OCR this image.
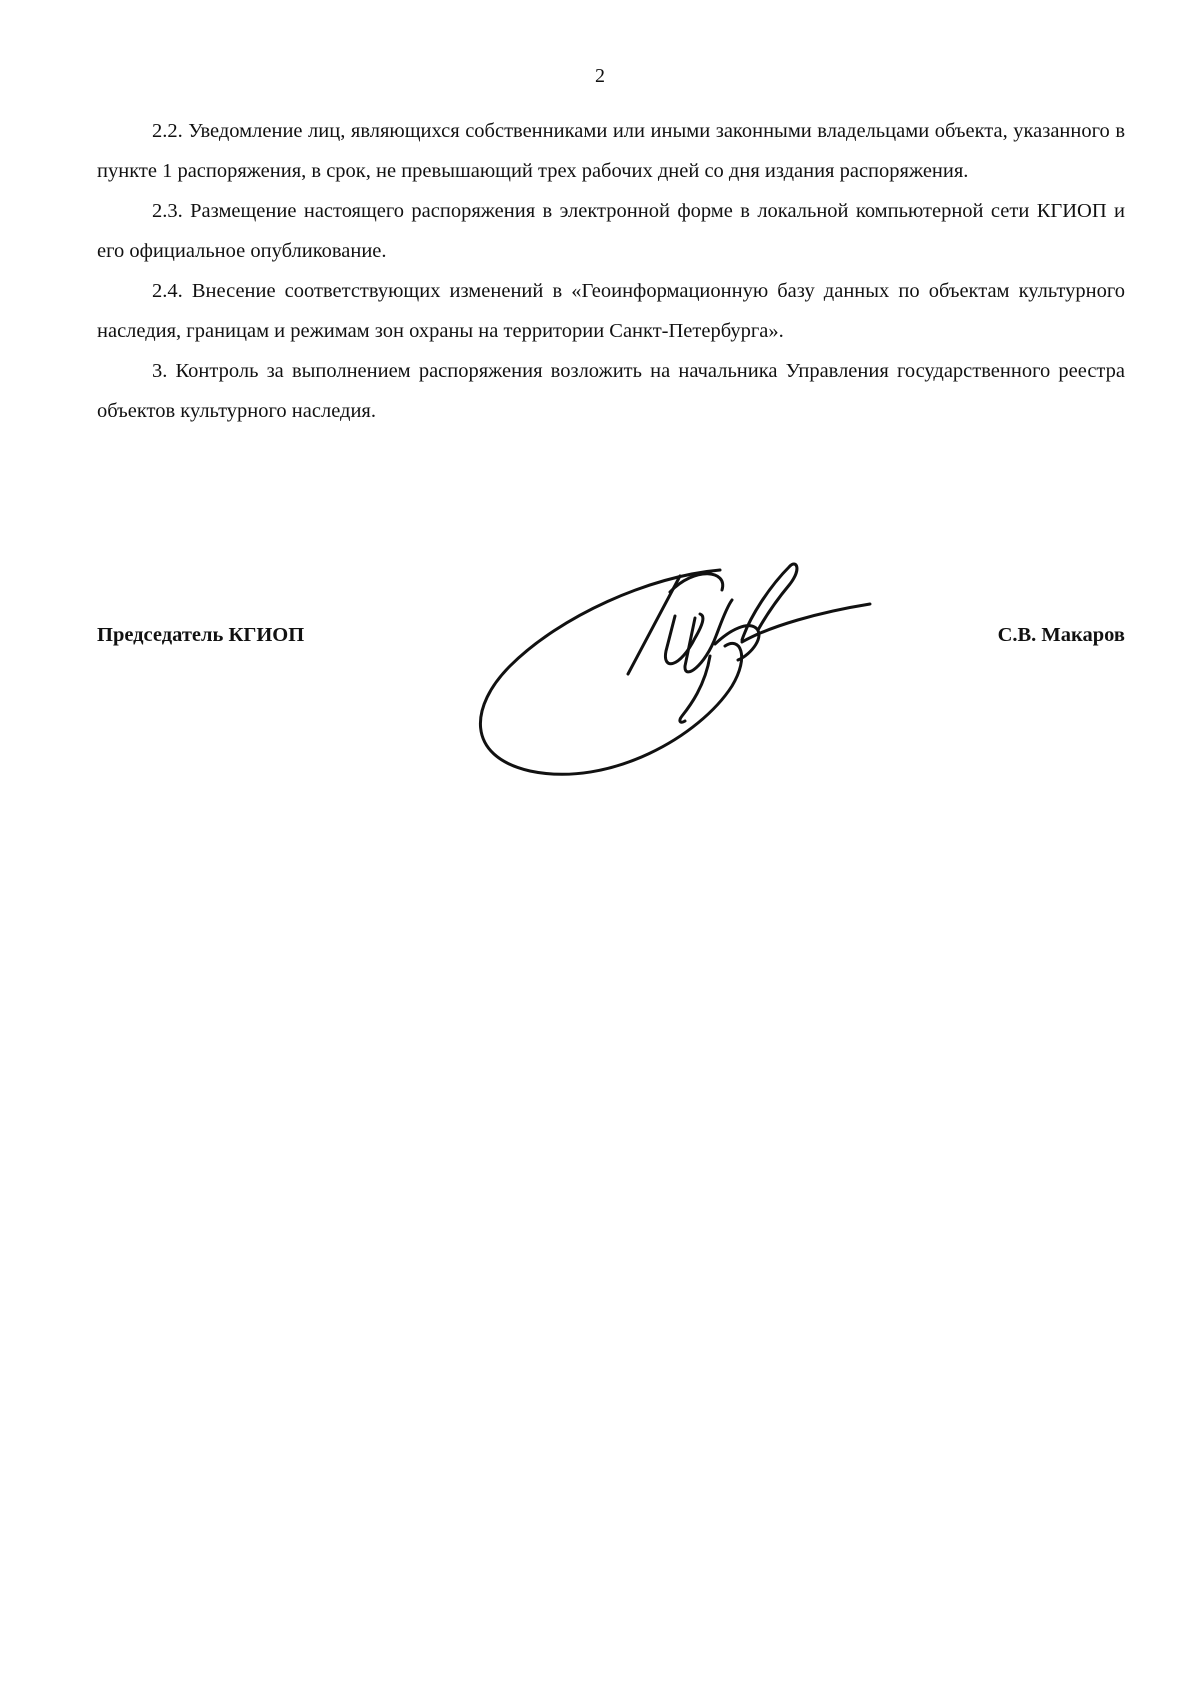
2

2.2. Уведомление лиц, являющихся собственниками или иными законными владельцами объекта, указанного в пункте 1 распоряжения, в срок, не превышающий трех рабочих дней со дня издания распоряжения.

2.3. Размещение настоящего распоряжения в электронной форме в локальной компьютерной сети КГИОП и его официальное опубликование.

2.4. Внесение соответствующих изменений в «Геоинформационную базу данных по объектам культурного наследия, границам и режимам зон охраны на территории Санкт-Петербурга».

3. Контроль за выполнением распоряжения возложить на начальника Управления государственного реестра объектов культурного наследия.

Председатель КГИОП	С.В. Макаров
